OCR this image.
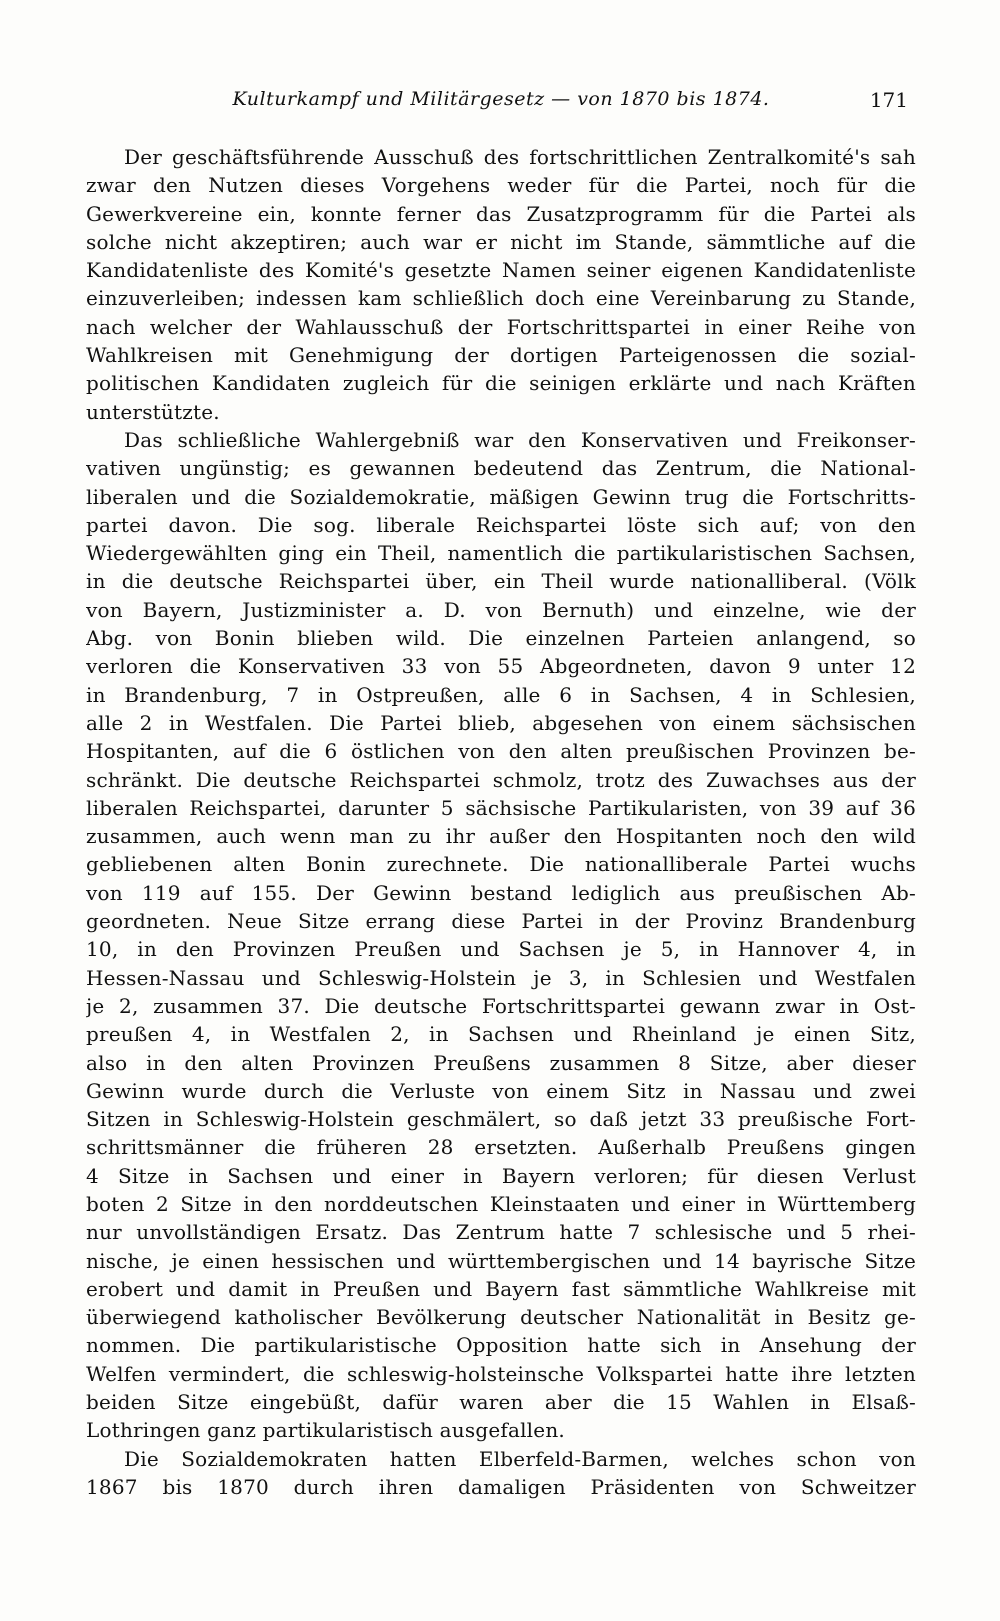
Kulturkampf und Militärgesetz — von 1870 bis 1874.	171
Der geschäftsführende Ausschuß des fortschrittlichen Zentralkomité's sah
zwar den Nutzen dieses Vorgehens weder für die Partei, noch für die
Gewerkvereine ein, konnte ferner das Zusatzprogramm für die Partei als
solche nicht akzeptiren; auch war er nicht im Stande, sämmtliche auf die
Kandidatenliste des Komité's gesetzte Namen seiner eigenen Kandidatenliste
einzuverleiben; indessen kam schließlich doch eine Vereinbarung zu Stande,
nach welcher der Wahlausschuß der Fortschrittspartei in einer Reihe von
Wahlkreisen mit Genehmigung der dortigen Parteigenossen die sozial-
politischen Kandidaten zugleich für die seinigen erklärte und nach Kräften
unterstützte.
Das schließliche Wahlergebniß war den Konservativen und Freikonser-
vativen ungünstig; es gewannen bedeutend das Zentrum, die National-
liberalen und die Sozialdemokratie, mäßigen Gewinn trug die Fortschritts-
partei davon. Die sog. liberale Reichspartei löste sich auf; von den
Wiedergewählten ging ein Theil, namentlich die partikularistischen Sachsen,
in die deutsche Reichspartei über, ein Theil wurde nationalliberal. (Völk
von Bayern, Justizminister a. D. von Bernuth) und einzelne, wie der
Abg. von Bonin blieben wild. Die einzelnen Parteien anlangend, so
verloren die Konservativen 33 von 55 Abgeordneten, davon 9 unter 12
in Brandenburg, 7 in Ostpreußen, alle 6 in Sachsen, 4 in Schlesien,
alle 2 in Westfalen. Die Partei blieb, abgesehen von einem sächsischen
Hospitanten, auf die 6 östlichen von den alten preußischen Provinzen be-
schränkt. Die deutsche Reichspartei schmolz, trotz des Zuwachses aus der
liberalen Reichspartei, darunter 5 sächsische Partikularisten, von 39 auf 36
zusammen, auch wenn man zu ihr außer den Hospitanten noch den wild
gebliebenen alten Bonin zurechnete. Die nationalliberale Partei wuchs
von 119 auf 155. Der Gewinn bestand lediglich aus preußischen Ab-
geordneten. Neue Sitze errang diese Partei in der Provinz Brandenburg
10, in den Provinzen Preußen und Sachsen je 5, in Hannover 4, in
Hessen-Nassau und Schleswig-Holstein je 3, in Schlesien und Westfalen
je 2, zusammen 37. Die deutsche Fortschrittspartei gewann zwar in Ost-
preußen 4, in Westfalen 2, in Sachsen und Rheinland je einen Sitz,
also in den alten Provinzen Preußens zusammen 8 Sitze, aber dieser
Gewinn wurde durch die Verluste von einem Sitz in Nassau und zwei
Sitzen in Schleswig-Holstein geschmälert, so daß jetzt 33 preußische Fort-
schrittsmänner die früheren 28 ersetzten. Außerhalb Preußens gingen
4 Sitze in Sachsen und einer in Bayern verloren; für diesen Verlust
boten 2 Sitze in den norddeutschen Kleinstaaten und einer in Württemberg
nur unvollständigen Ersatz. Das Zentrum hatte 7 schlesische und 5 rhei-
nische, je einen hessischen und württembergischen und 14 bayrische Sitze
erobert und damit in Preußen und Bayern fast sämmtliche Wahlkreise mit
überwiegend katholischer Bevölkerung deutscher Nationalität in Besitz ge-
nommen. Die partikularistische Opposition hatte sich in Ansehung der
Welfen vermindert, die schleswig-holsteinsche Volkspartei hatte ihre letzten
beiden Sitze eingebüßt, dafür waren aber die 15 Wahlen in Elsaß-
Lothringen ganz partikularistisch ausgefallen.
Die Sozialdemokraten hatten Elberfeld-Barmen, welches schon von
1867 bis 1870 durch ihren damaligen Präsidenten von Schweitzer
